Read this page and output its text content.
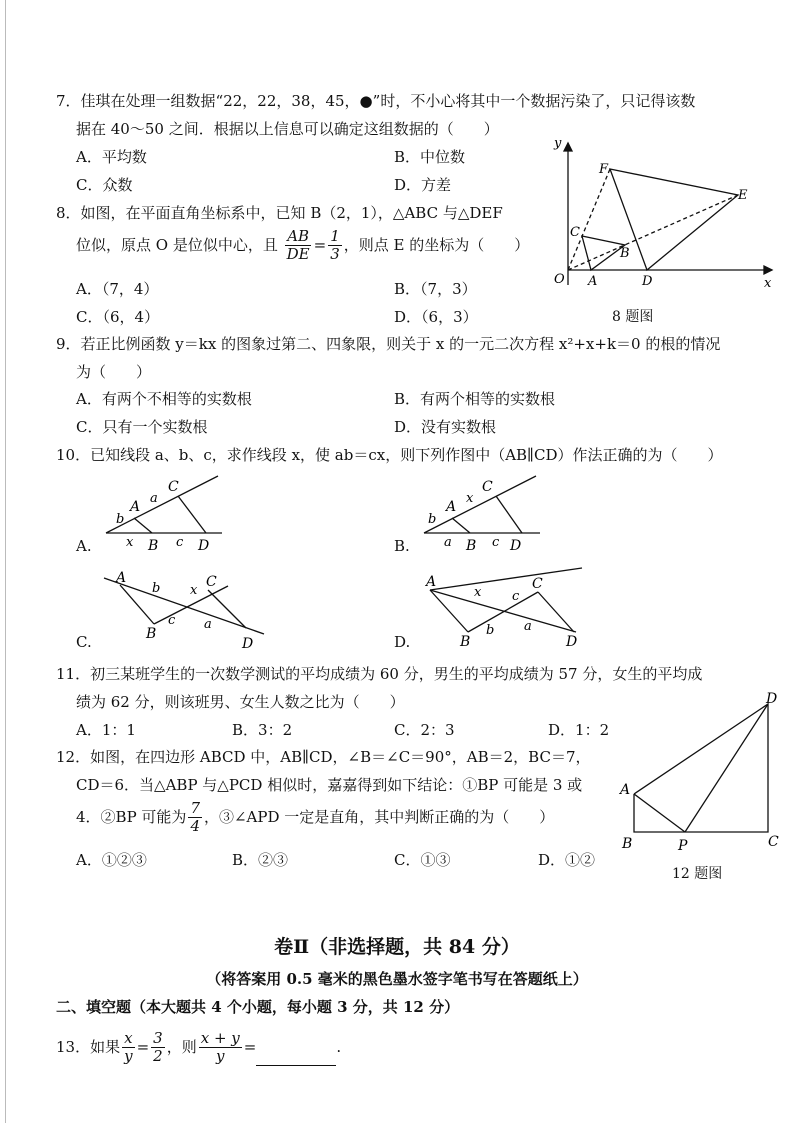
7．佳琪在处理一组数据“22，22，38，45，●”时，不小心将其中一个数据污染了，只记得该数
据在 40～50 之间．根据以上信息可以确定这组数据的（　　）
A．平均数	B．中位数
C．众数	D．方差
8．如图，在平面直角坐标系中，已知 B（2，1），△ABC 与△DEF
位似，原点 O 是位似中心，且 $\frac{AB}{DE} = \frac{1}{3}$ ，则点 E 的坐标为（　　）
A．（7，4）	B．（7，3）
C．（6，4）	D．（6，3）
y
x
O A
B
C
D
E
F
8 题图
9．若正比例函数 y＝kx 的图象过第二、四象限，则关于 x 的一元二次方程 x²+x+k＝0 的根的情况
为（　　）
A．有两个不相等的实数根	B．有两个相等的实数根
C．只有一个实数根	D．没有实数根
10．已知线段 a、b、c，求作线段 x，使 ab＝cx，则下列作图中（AB∥CD）作法正确的为（　　）
A.
A
C
B	D
a
b
x	c	B.
A
C
B D
x
b
a	c
C.
A	C
B
D
b x
c a
D.
A	C
B	D
x c
b a
11．初三某班学生的一次数学测试的平均成绩为 60 分，男生的平均成绩为 57 分，女生的平均成
绩为 62 分，则该班男、女生人数之比为（　　）
A．1：1	B．3：2	C．2：3	D．1：2
12．如图，在四边形 ABCD 中，AB∥CD，∠B＝∠C＝90°，AB＝2，BC＝7，
CD＝6．当△ABP 与△PCD 相似时，嘉嘉得到如下结论：①BP 可能是 3 或
4．②BP 可能为 $\frac{7}{4}$ ，③∠APD 一定是直角，其中判断正确的为（　　）
A．①②③	B．②③	C．①③	D．①②
A
B	P	C
D
12 题图
卷Ⅱ（非选择题，共 84 分）
（将答案用 0.5 毫米的黑色墨水签字笔书写在答题纸上）
二、填空题（本大题共 4 个小题，每小题 3 分，共 12 分）
13．如果 $\frac{x}{y} = \frac{3}{2}$ ，则 $\frac{x + y}{y}$ =	.
